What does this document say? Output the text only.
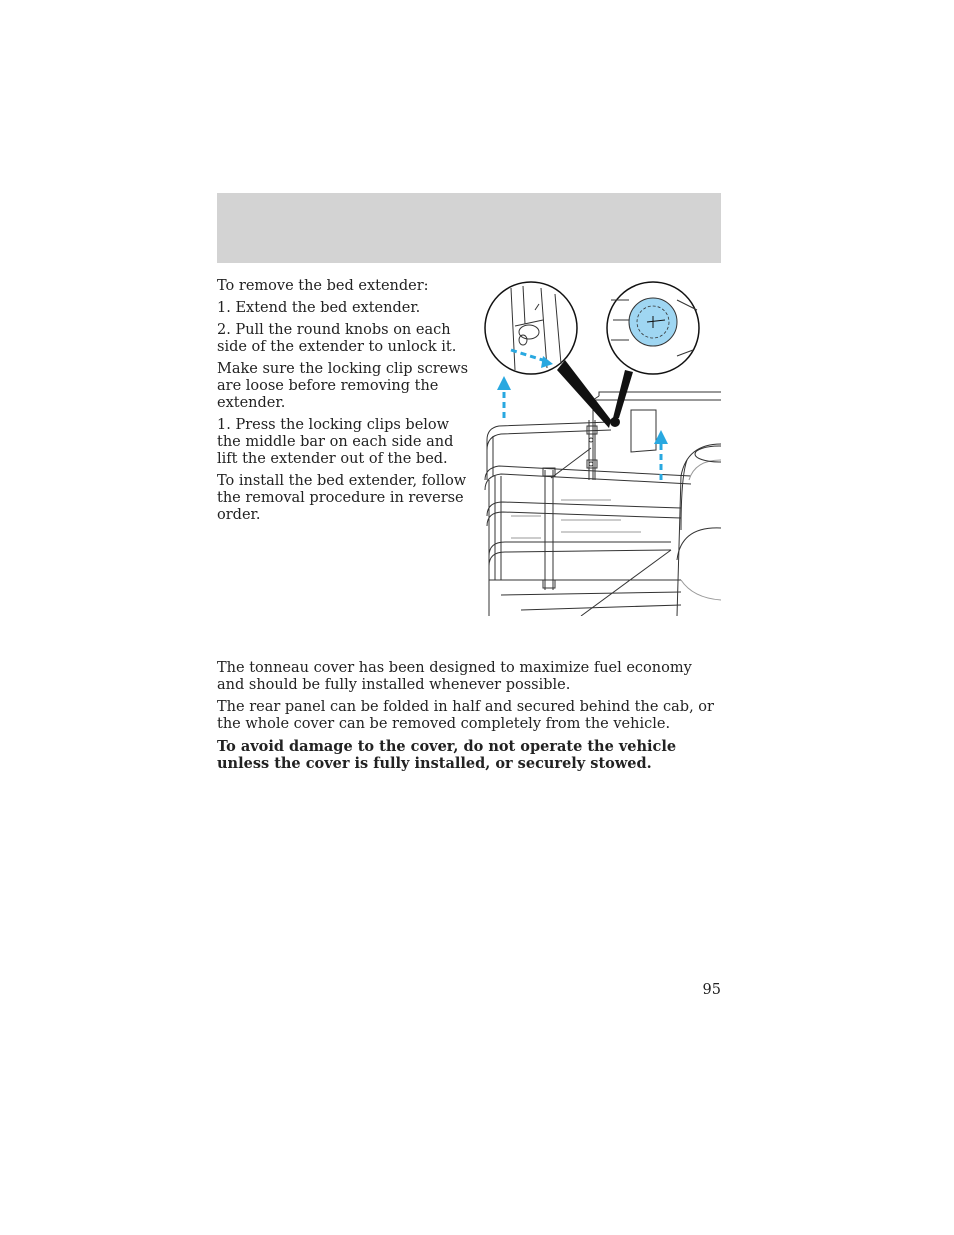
To remove the bed extender:

1. Extend the bed extender.

2. Pull the round knobs on each side of the extender to unlock it.

Make sure the locking clip screws are loose before removing the extender.

1. Press the locking clips below the middle bar on each side and lift the extender out of the bed.

To install the bed extender, follow the removal procedure in reverse order.

The tonneau cover has been designed to maximize fuel economy and should be fully installed whenever possible.

The rear panel can be folded in half and secured behind the cab, or the whole cover can be removed completely from the vehicle.

To avoid damage to the cover, do not operate the vehicle unless the cover is fully installed, or securely stowed.

95
